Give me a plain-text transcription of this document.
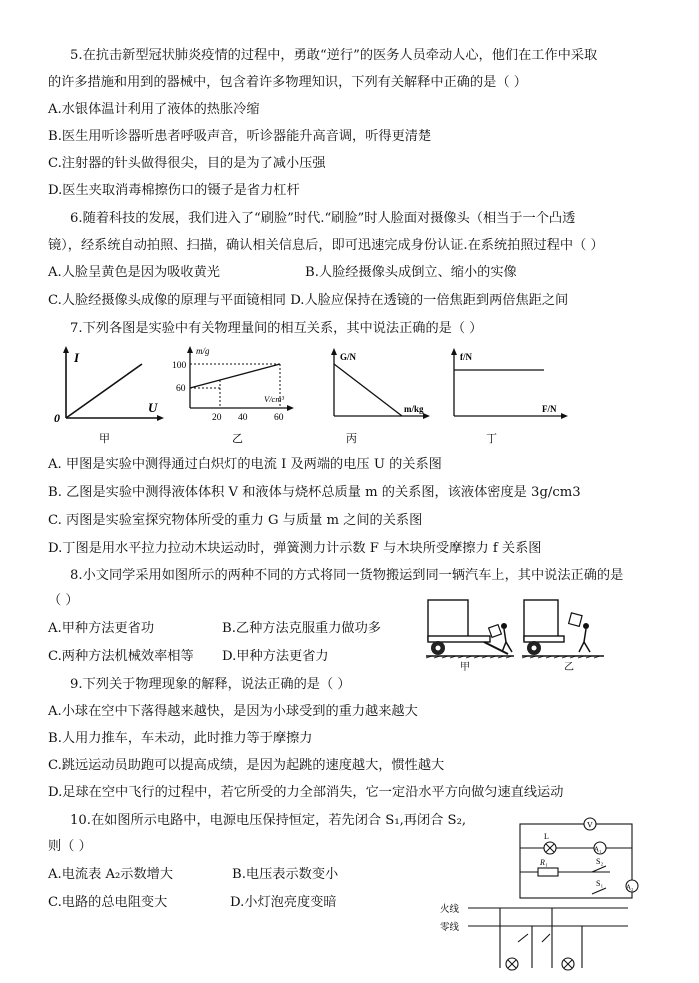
5.在抗击新型冠状肺炎疫情的过程中，勇敢“逆行”的医务人员牵动人心，他们在工作中采取
的许多措施和用到的器械中，包含着许多物理知识，下列有关解释中正确的是（ ）
A.水银体温计利用了液体的热胀冷缩
B.医生用听诊器听患者呼吸声音，听诊器能升高音调，听得更清楚
C.注射器的针头做得很尖，目的是为了减小压强
D.医生夹取消毒棉擦伤口的镊子是省力杠杆
6.随着科技的发展，我们进入了“刷脸”时代.“刷脸”时人脸面对摄像头（相当于一个凸透
镜），经系统自动拍照、扫描，确认相关信息后，即可迅速完成身份认证.在系统拍照过程中（ ）
A.人脸呈黄色是因为吸收黄光	B.人脸经摄像头成倒立、缩小的实像
C.人脸经摄像头成像的原理与平面镜相同 D.人脸应保持在透镜的一倍焦距到两倍焦距之间
7.下列各图是实验中有关物理量间的相互关系，其中说法正确的是（ ）
I
U
0
甲
m/g
100
60
20 40	60
V/cm³
乙
G/N
m/kg
丙
f/N
F/N
丁
A. 甲图是实验中测得通过白炽灯的电流 I 及两端的电压 U 的关系图
B. 乙图是实验中测得液体体积 V 和液体与烧杯总质量 m 的关系图，该液体密度是 3g/cm3
C. 丙图是实验室探究物体所受的重力 G 与质量 m 之间的关系图
D.丁图是用水平拉力拉动木块运动时，弹簧测力计示数 F 与木块所受摩擦力 f 关系图
8.小文同学采用如图所示的两种不同的方式将同一货物搬运到同一辆汽车上，其中说法正确的是
（ ）
A.甲种方法更省功	B.乙种方法克服重力做功多
C.两种方法机械效率相等 D.甲种方法更省力
甲	乙
9.下列关于物理现象的解释，说法正确的是（ ）
A.小球在空中下落得越来越快，是因为小球受到的重力越来越大
B.人用力推车，车未动，此时推力等于摩擦力
C.跳远运动员助跑可以提高成绩，是因为起跳的速度越大，惯性越大
D.足球在空中飞行的过程中，若它所受的力全部消失，它一定沿水平方向做匀速直线运动
10.在如图所示电路中，电源电压保持恒定，若先闭合 S₁,再闭合 S₂,
则（ ）
A.电流表 A₂示数增大	B.电压表示数变小
C.电路的总电阻变大	D.小灯泡亮度变暗
V
L
A₁
R₁	S₂
S₁	A₂
火线
零线
